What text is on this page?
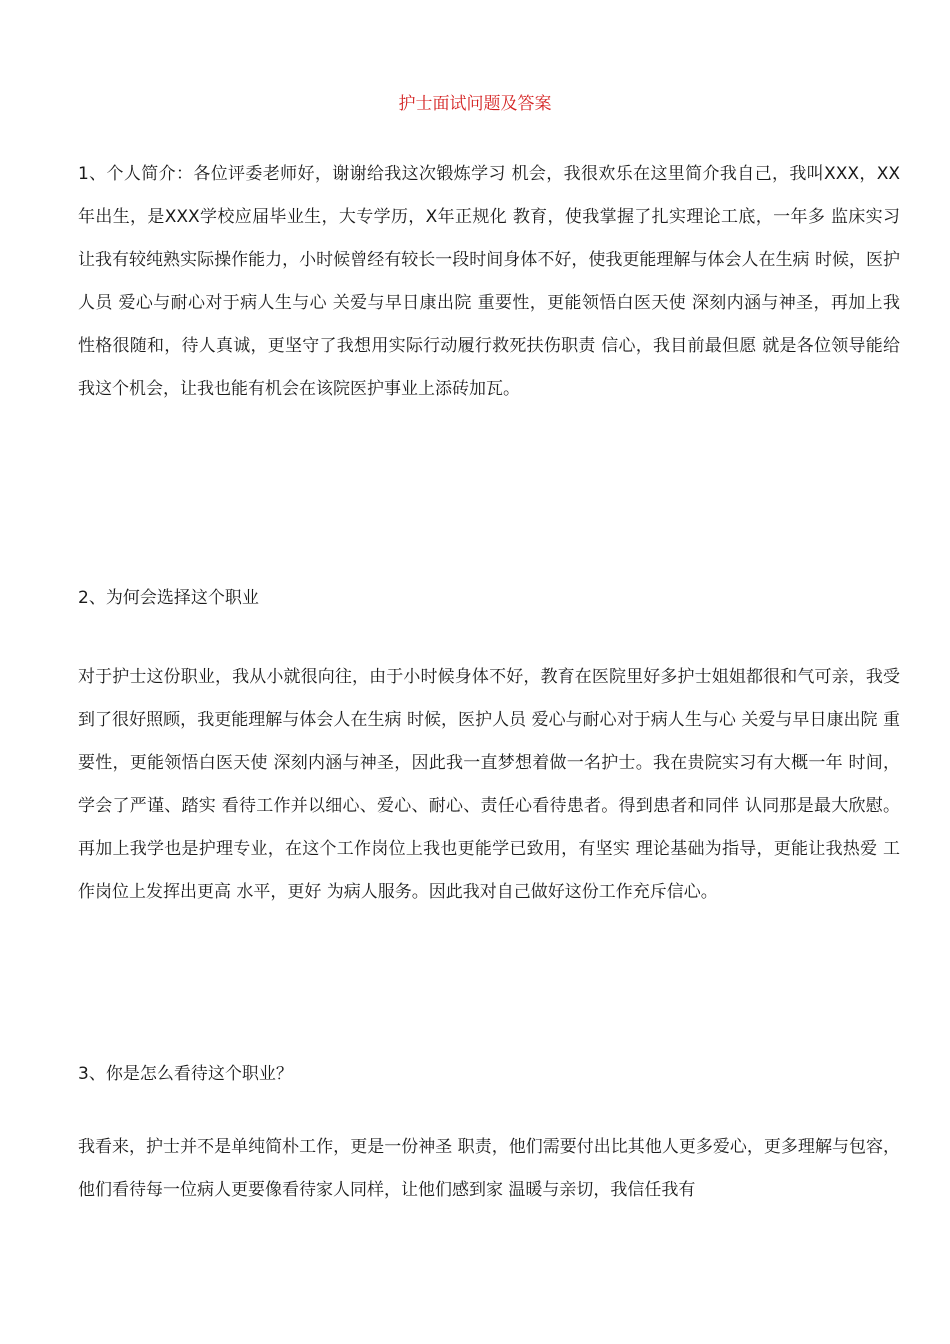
护士面试问题及答案

1、个人简介：各位评委老师好，谢谢给我这次锻炼学习 机会，我很欢乐在这里简介我自己，我叫XXX，XX年出生，是XXX学校应届毕业生，大专学历，X年正规化 教育，使我掌握了扎实理论工底，一年多 监床实习让我有较纯熟实际操作能力，小时候曾经有较长一段时间身体不好，使我更能理解与体会人在生病 时候，医护人员 爱心与耐心对于病人生与心 关爱与早日康出院 重要性，更能领悟白医天使 深刻内涵与神圣，再加上我 性格很随和，待人真诚，更坚守了我想用实际行动履行救死扶伤职责 信心，我目前最但愿 就是各位领导能给我这个机会，让我也能有机会在该院医护事业上添砖加瓦。

2、为何会选择这个职业

对于护士这份职业，我从小就很向往，由于小时候身体不好，教育在医院里好多护士姐姐都很和气可亲，我受到了很好照顾，我更能理解与体会人在生病 时候，医护人员 爱心与耐心对于病人生与心 关爱与早日康出院 重要性，更能领悟白医天使 深刻内涵与神圣，因此我一直梦想着做一名护士。我在贵院实习有大概一年 时间，学会了严谨、踏实 看待工作并以细心、爱心、耐心、责任心看待患者。得到患者和同伴 认同那是最大欣慰。再加上我学也是护理专业，在这个工作岗位上我也更能学已致用，有坚实 理论基础为指导，更能让我热爱 工作岗位上发挥出更高 水平，更好 为病人服务。因此我对自己做好这份工作充斥信心。

3、你是怎么看待这个职业？

我看来，护士并不是单纯简朴工作，更是一份神圣 职责，他们需要付出比其他人更多爱心，更多理解与包容，他们看待每一位病人更要像看待家人同样，让他们感到家 温暖与亲切，我信任我有
